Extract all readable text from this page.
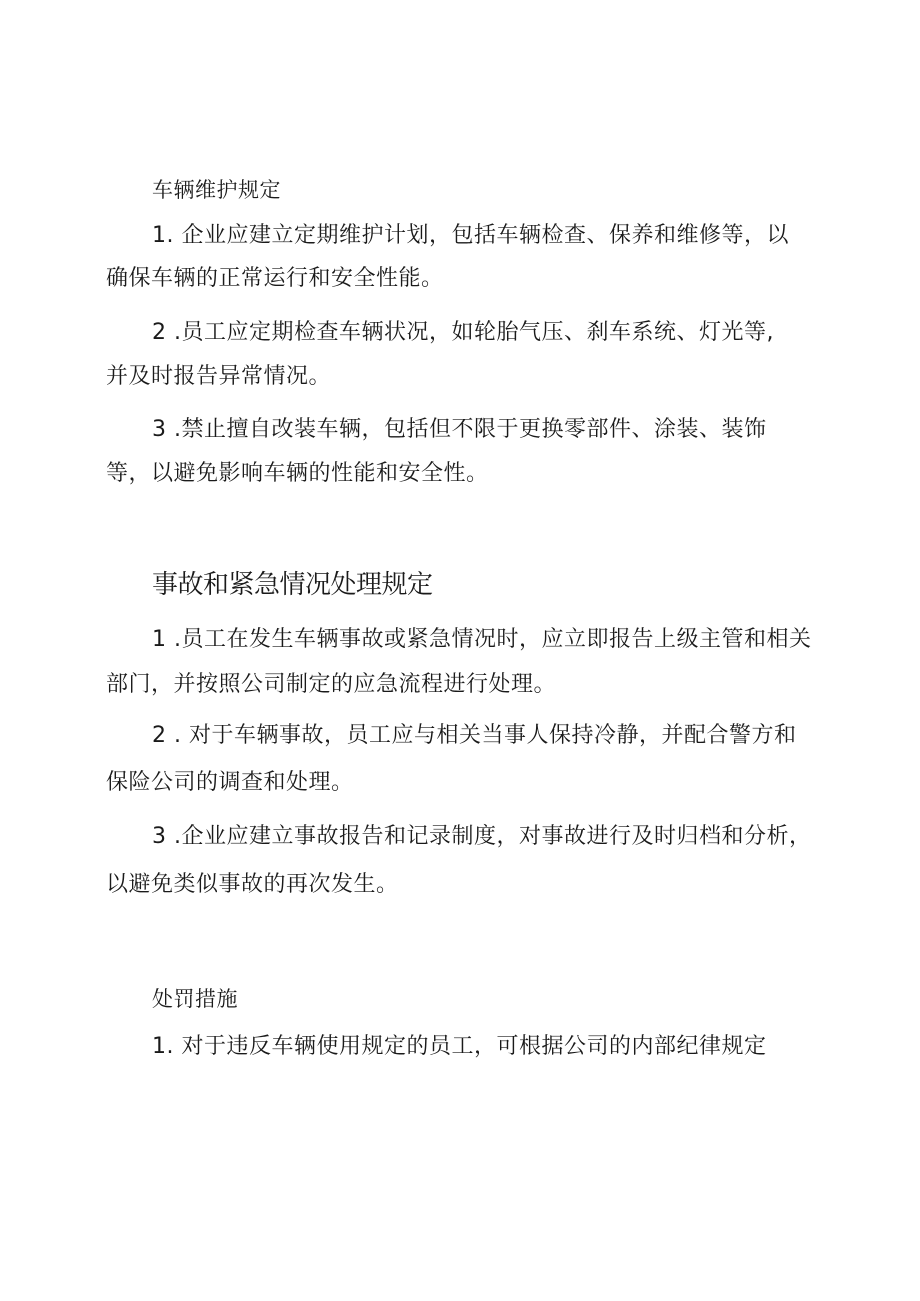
车辆维护规定
1. 企业应建立定期维护计划，包括车辆检查、保养和维修等，以
确保车辆的正常运行和安全性能。
2 .员工应定期检查车辆状况，如轮胎气压、刹车系统、灯光等,
并及时报告异常情况。
3 .禁止擅自改装车辆，包括但不限于更换零部件、涂装、装饰
等，以避免影响车辆的性能和安全性。
事故和紧急情况处理规定
1 .员工在发生车辆事故或紧急情况时，应立即报告上级主管和相关
部门，并按照公司制定的应急流程进行处理。
2 . 对于车辆事故，员工应与相关当事人保持冷静，并配合警方和
保险公司的调查和处理。
3 .企业应建立事故报告和记录制度，对事故进行及时归档和分析，
以避免类似事故的再次发生。
处罚措施
1. 对于违反车辆使用规定的员工，可根据公司的内部纪律规定
